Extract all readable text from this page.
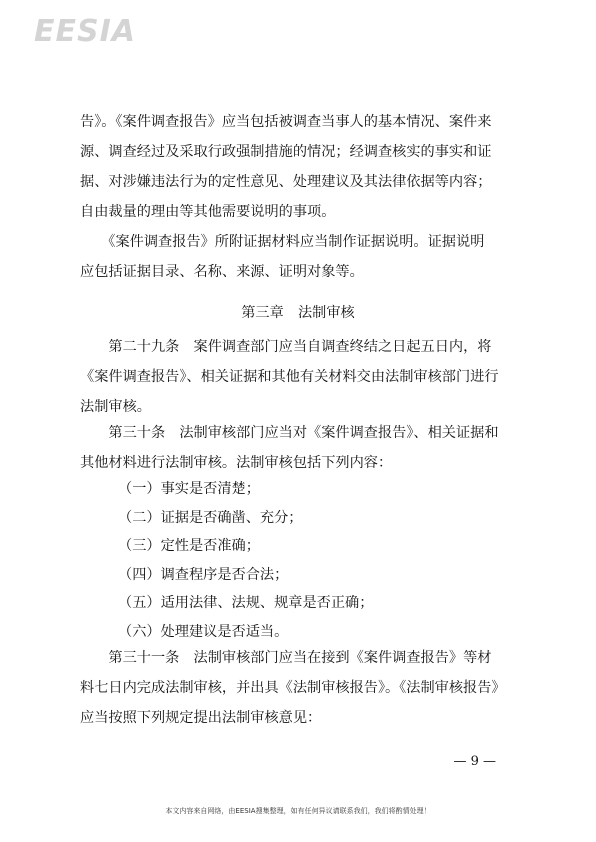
EESIA
告》。《案件调查报告》应当包括被调查当事人的基本情况、案件来
源、调查经过及采取行政强制措施的情况；经调查核实的事实和证
据、对涉嫌违法行为的定性意见、处理建议及其法律依据等内容；
自由裁量的理由等其他需要说明的事项。
　　《案件调查报告》所附证据材料应当制作证据说明。证据说明
应包括证据目录、名称、来源、证明对象等。
第三章　法制审核
　　第二十九条　案件调查部门应当自调查终结之日起五日内，将
《案件调查报告》、相关证据和其他有关材料交由法制审核部门进行
法制审核。
　　第三十条　法制审核部门应当对《案件调查报告》、相关证据和
其他材料进行法制审核。法制审核包括下列内容：
（一）事实是否清楚；
（二）证据是否确凿、充分；
（三）定性是否准确；
（四）调查程序是否合法；
（五）适用法律、法规、规章是否正确；
（六）处理建议是否适当。
　　第三十一条　法制审核部门应当在接到《案件调查报告》等材
料七日内完成法制审核，并出具《法制审核报告》。《法制审核报告》
应当按照下列规定提出法制审核意见：
— 9 —
本文内容来自网络，由EESIA搜集整理，如有任何异议请联系我们，我们将酌情处理！
